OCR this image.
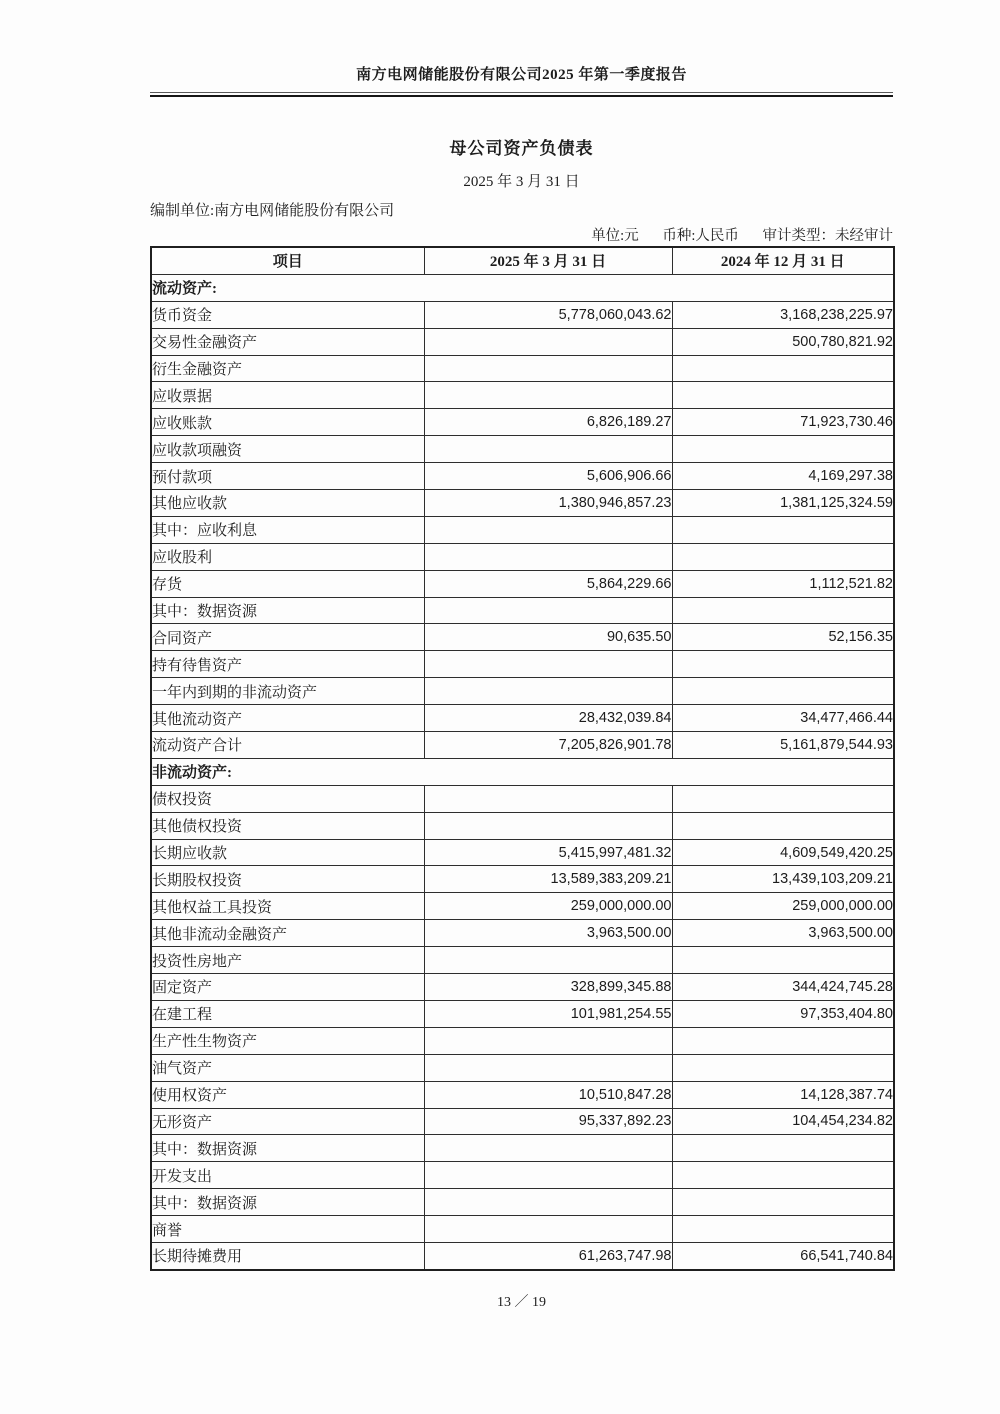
南方电网储能股份有限公司2025 年第一季度报告
母公司资产负债表
2025 年 3 月 31 日
编制单位:南方电网储能股份有限公司
单位:元 币种:人民币 审计类型：未经审计
项目	2025 年 3 月 31 日	2024 年 12 月 31 日
流动资产:		
货币资金	5,778,060,043.62	3,168,238,225.97
交易性金融资产		500,780,821.92
衍生金融资产		
应收票据		
应收账款	6,826,189.27	71,923,730.46
应收款项融资		
预付款项	5,606,906.66	4,169,297.38
其他应收款	1,380,946,857.23	1,381,125,324.59
其中：应收利息		
应收股利		
存货	5,864,229.66	1,112,521.82
其中：数据资源		
合同资产	90,635.50	52,156.35
持有待售资产		
一年内到期的非流动资产		
其他流动资产	28,432,039.84	34,477,466.44
流动资产合计	7,205,826,901.78	5,161,879,544.93
非流动资产:		
债权投资		
其他债权投资		
长期应收款	5,415,997,481.32	4,609,549,420.25
长期股权投资	13,589,383,209.21	13,439,103,209.21
其他权益工具投资	259,000,000.00	259,000,000.00
其他非流动金融资产	3,963,500.00	3,963,500.00
投资性房地产		
固定资产	328,899,345.88	344,424,745.28
在建工程	101,981,254.55	97,353,404.80
生产性生物资产		
油气资产		
使用权资产	10,510,847.28	14,128,387.74
无形资产	95,337,892.23	104,454,234.82
其中：数据资源		
开发支出		
其中：数据资源		
商誉		
长期待摊费用	61,263,747.98	66,541,740.84
13 ／ 19
